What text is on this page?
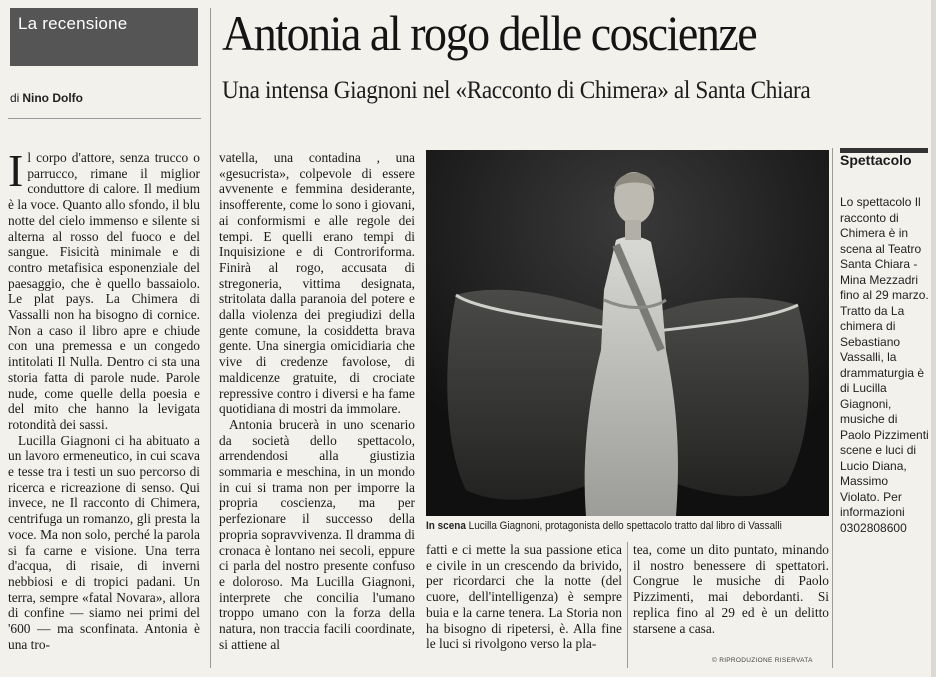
La recensione
di Nino Dolfo
Antonia al rogo delle coscienze
Una intensa Giagnoni nel «Racconto di Chimera» al Santa Chiara

Il corpo d'attore, senza trucco o parrucco, rimane il miglior conduttore di calore. Il medium è la voce. Quanto allo sfondo, il blu notte del cielo immenso e silente si alterna al rosso del fuoco e del sangue. Fisicità minimale e di contro metafisica esponenziale del paesaggio, che è quello bassaiolo. Le plat pays. La Chimera di Vassalli non ha bisogno di cornice. Non a caso il libro apre e chiude con una premessa e un congedo intitolati Il Nulla. Dentro ci sta una storia fatta di parole nude. Parole nude, come quelle della poesia e del mito che hanno la levigata rotondità dei sassi.

Lucilla Giagnoni ci ha abituato a un lavoro ermeneutico, in cui scava e tesse tra i testi un suo percorso di ricerca e ricreazione di senso. Qui invece, ne Il racconto di Chimera, centrifuga un romanzo, gli presta la voce. Ma non solo, perché la parola si fa carne e visione. Una terra d'acqua, di risaie, di inverni nebbiosi e di tropici padani. Un terra, sempre «fatal Novara», allora di confine — siamo nei primi del '600 — ma sconfinata. Antonia è una tro-

vatella, una contadina , una «gesucrista», colpevole di essere avvenente e femmina desiderante, insofferente, come lo sono i giovani, ai conformismi e alle regole dei tempi. E quelli erano tempi di Inquisizione e di Controriforma. Finirà al rogo, accusata di stregoneria, vittima designata, stritolata dalla paranoia del potere e dalla violenza dei pregiudizi della gente comune, la cosiddetta brava gente. Una sinergia omicidiaria che vive di credenze favolose, di maldicenze gratuite, di crociate repressive contro i diversi e ha fame quotidiana di mostri da immolare.

Antonia brucerà in uno scenario da società dello spettacolo, arrendendosi alla giustizia sommaria e meschina, in un mondo in cui si trama non per imporre la propria coscienza, ma per perfezionare il successo della propria sopravvivenza. Il dramma di cronaca è lontano nei secoli, eppure ci parla del nostro presente confuso e doloroso. Ma Lucilla Giagnoni, interprete che concilia l'umano troppo umano con la forza della natura, non traccia facili coordinate, si attiene al

In scena Lucilla Giagnoni, protagonista dello spettacolo tratto dal libro di Vassalli

fatti e ci mette la sua passione etica e civile in un crescendo da brivido, per ricordarci che la notte (del cuore, dell'intelligenza) è sempre buia e la carne tenera. La Storia non ha bisogno di ripetersi, è. Alla fine le luci si rivolgono verso la pla-

tea, come un dito puntato, minando il nostro benessere di spettatori. Congrue le musiche di Paolo Pizzimenti, mai debordanti. Si replica fino al 29 ed è un delitto starsene a casa.

Spettacolo
Lo spettacolo Il racconto di Chimera è in scena al Teatro Santa Chiara - Mina Mezzadri fino al 29 marzo. Tratto da La chimera di Sebastiano Vassalli, la drammaturgia è di Lucilla Giagnoni, musiche di Paolo Pizzimenti scene e luci di Lucio Diana, Massimo Violato. Per informazioni 0302808600
© RIPRODUZIONE RISERVATA
